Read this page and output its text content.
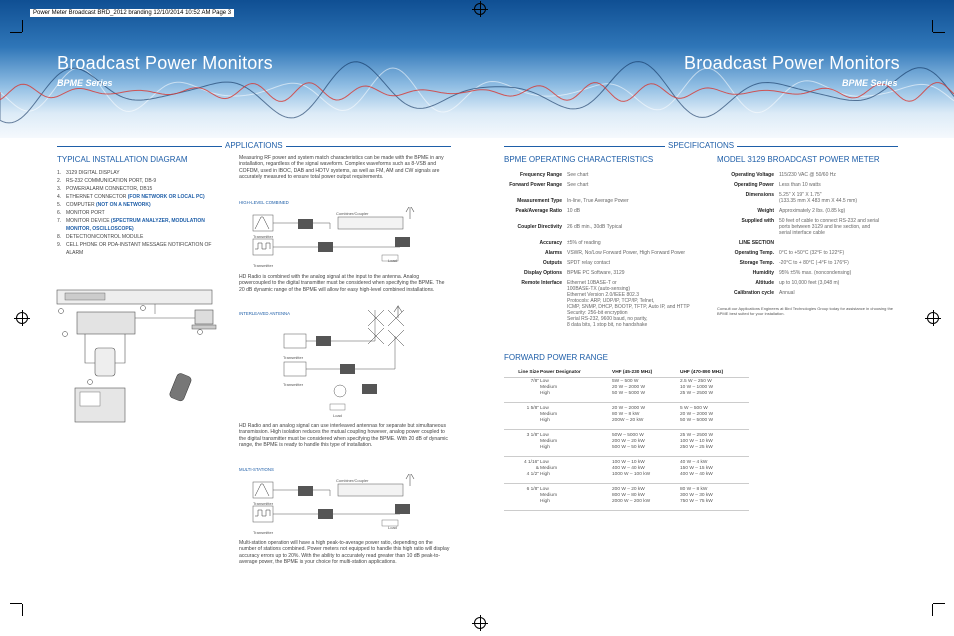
Power Meter Broadcast BRD_2012 branding 12/10/2014 10:52 AM Page 3
Broadcast Power Monitors
BPME Series
Broadcast Power Monitors
BPME Series
APPLICATIONS	SPECIFICATIONS
TYPICAL INSTALLATION DIAGRAM
1. 3129 DIGITAL DISPLAY
2. RS-232 COMMUNICATION PORT, DB-9
3. POWER/ALARM CONNECTOR, DB15
4. ETHERNET CONNECTOR (FOR NETWORK OR LOCAL PC)
5. COMPUTER (NOT ON A NETWORK)
6. MONITOR PORT
7. MONITOR DEVICE (SPECTRUM ANALYZER, MODULATION MONITOR, OSCILLOSCOPE)
8. DETECTION/CONTROL MODULE
9. CELL PHONE OR PDA-INSTANT MESSAGE NOTIFICATION OF ALARM
Measuring RF power and system match characteristics can be made with the BPME in any installation, regardless of the signal waveform. Complex waveforms such as 8-VSB and COFDM, used in IBOC, DAB and HDTV systems, as well as FM, AM and CW signals are accurately measured to ensure total power output requirements.
HIGH-LEVEL COMBINED
Combiner/Coupler
Transmitter
Transmitter
Load
HD Radio is combined with the analog signal at the input to the antenna. Analog powercoupled to the digital transmitter must be considered when specifying the BPME. The 20 dB dynamic range of the BPME will allow for easy high-level combined installations.
INTERLEAVED ANTENNA
Transmitter
Transmitter
Load
HD Radio and an analog signal can use interleaved antennas for separate but simultaneous transmission. High isolation reduces the mutual coupling however, analog power coupled to the digital transmitter must be considered when specifying the BPME. With 20 dB of dynamic range, the BPME is ready to handle this type of installation.
MULTI-STATIONS
Combiner/Coupler
Transmitter
Transmitter
Load
Multi-station operation will have a high peak-to-average power ratio, depending on the number of stations combined. Power meters not equipped to handle this high ratio will display accuracy errors up to 20%. With the ability to accurately read greater than 10 dB peak-to-average power, the BPME is your choice for multi-station applications.
BPME OPERATING CHARACTERISTICS
Frequency Range	See chart
Forward Power Range	See chart
Measurement Type	In-line, True Average Power
Peak/Average Ratio	10 dB
Coupler Directivity	26 dB min., 30dB Typical
Accuracy	±5% of reading
Alarms	VSWR, No/Low Forward Power, High Forward Power
Outputs	SPDT relay contact
Display Options	BPME PC Software, 3129
Remote Interface	Ethernet 10BASE-T or
100BASE-TX (auto-sensing)
Ethernet Version 2.0/IEEE 802.3
Protocols: ARP, UDP/IP, TCP/IP, Telnet,
ICMP, SNMP, DHCP, BOOTP, TFTP, Auto IP, and HTTP
Security: 256-bit encryption
Serial RS-232, 9600 baud, no parity,
8 data bits, 1 stop bit, no handshake
MODEL 3129 BROADCAST POWER METER
Operating Voltage	115/230 VAC @ 50/60 Hz
Operating Power	Less than 10 watts
Dimensions	5.25" X 19" X 1.75"
(133.35 mm X 483 mm X 44.5 mm)
Weight	Approximately 2 lbs. (0.85 kg)
Supplied with	50 feet of cable to connect RS-232 and serial
ports between 3129 and line section, and
serial interface cable
LINE SECTION
Operating Temp.	0°C to +50°C (32°F to 122°F)
Storage Temp.	-20°C to + 80°C (-4°F to 176°F)
Humidity	95% ±5% max. (noncondensing)
Altitude	up to 10,000 feet (3,048 m)
Calibration cycle	Annual
Consult our Applications Engineers at Bird Technologies Group today for assistance in choosing the BPME best suited for your installation.
FORWARD POWER RANGE
Line Size Power Designator	VHF (45-230 MHz)	UHF (470-890 MHz)
7/8" Low	5W – 500 W	2.5 W – 250 W
Medium	20 W – 2000 W	10 W – 1000 W
High	50 W – 5000 W	25 W – 2500 W
1 5/8" Low	20 W – 2000 W	5 W – 500 W
Medium	80 W – 8 kW	20 W – 2000 W
High	200W – 20 kW	50 W – 5000 W
3 1/8" Low	50W – 5000 W	25 W – 2500 W
Medium	200 W – 20 kW	100 W – 10 kW
High	500 W – 50 kW	250 W – 25 kW
4 1/16"
&
4 1/2"
Low	100 W – 10 kW	40 W – 4 kW
Medium	400 W – 40 kW	150 W – 15 kW
High	1000 W – 100 kW	400 W – 40 kW
6 1/8" Low	200 W – 20 kW	80 W – 8 kW
Medium	800 W – 80 kW	300 W – 30 kW
High	2000 W – 200 kW	750 W – 75 kW
